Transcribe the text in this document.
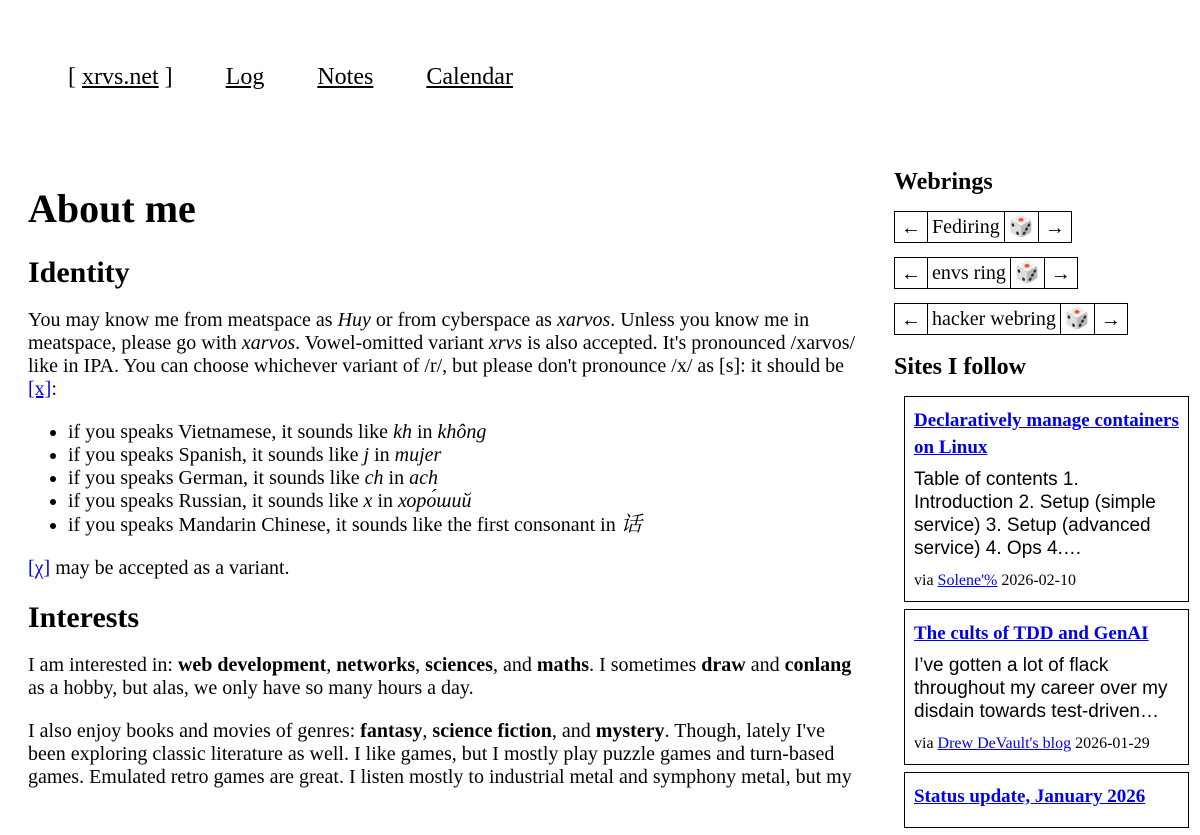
[ xrvs.net ] Log Notes Calendar
About me
Identity

You may know me from meatspace as Huy or from cyberspace as xarvos. Unless you know me in meatspace, please go with xarvos. Vowel-omitted variant xrvs is also accepted. It's pronounced /xarvos/ like in IPA. You can choose whichever variant of /r/, but please don't pronounce /x/ as [s]: it should be [x]:

• if you speaks Vietnamese, it sounds like kh in không
• if you speaks Spanish, it sounds like j in mujer
• if you speaks German, it sounds like ch in ach
• if you speaks Russian, it sounds like x in хоро́ший
• if you speaks Mandarin Chinese, it sounds like the first consonant in 话

[χ] may be accepted as a variant.

Interests

I am interested in: web development, networks, sciences, and maths. I sometimes draw and conlang as a hobby, but alas, we only have so many hours a day.

I also enjoy books and movies of genres: fantasy, science fiction, and mystery. Though, lately I've been exploring classic literature as well. I like games, but I mostly play puzzle games and turn-based games. Emulated retro games are great. I listen mostly to industrial metal and symphony metal, but my

Webrings
← Fediring 🎲 →

← envs ring 🎲 →

← hacker webring 🎲 →
Sites I follow
Declaratively manage containers on Linux
Table of contents 1. Introduction 2. Setup (simple service) 3. Setup (advanced service) 4. Ops 4.…
via Solene'% 2026-02-10
The cults of TDD and GenAI
I’ve gotten a lot of flack throughout my career over my disdain towards test-driven…
via Drew DeVault's blog 2026-01-29
Status update, January 2026
